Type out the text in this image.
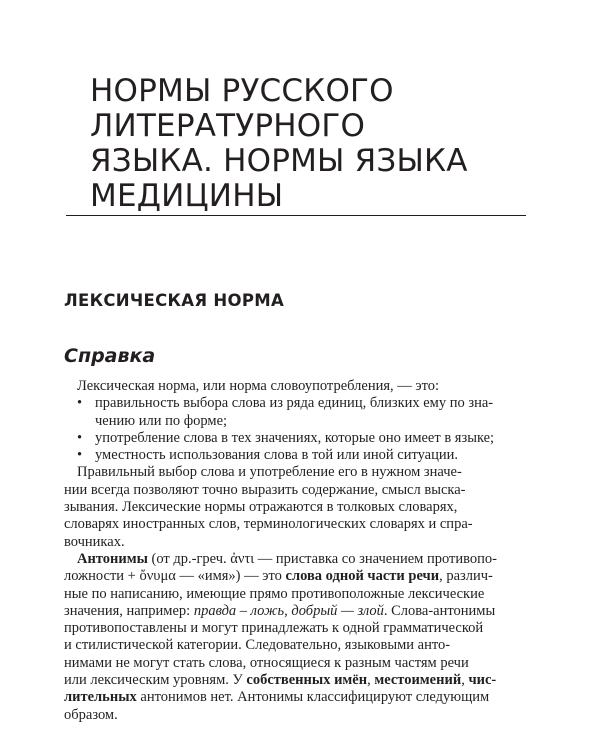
НОРМЫ РУССКОГО
ЛИТЕРАТУРНОГО
ЯЗЫКА. НОРМЫ ЯЗЫКА
МЕДИЦИНЫ
ЛЕКСИЧЕСКАЯ НОРМА
Справка
Лексическая норма, или норма словоупотребления, — это:
• правильность выбора слова из ряда единиц, близких ему по зна-
чению или по форме;
• употребление слова в тех значениях, которые оно имеет в языке;
• уместность использования слова в той или иной ситуации.
Правильный выбор слова и употребление его в нужном значе-
нии всегда позволяют точно выразить содержание, смысл выска-
зывания. Лексические нормы отражаются в толковых словарях,
словарях иностранных слов, терминологических словарях и спра-
вочниках.
Антонимы (от др.-греч. ἀντι — приставка со значением противопо-
ложности + ὄνυμα — «имя») — это слова одной части речи, различ-
ные по написанию, имеющие прямо противоположные лексические
значения, например: правда – ложь, добрый — злой. Слова-антонимы
противопоставлены и могут принадлежать к одной грамматической
и стилистической категории. Следовательно, языковыми анто-
нимами не могут стать слова, относящиеся к разным частям речи
или лексическим уровням. У собственных имён, местоимений, чис-
лительных антонимов нет. Антонимы классифицируют следующим
образом.
